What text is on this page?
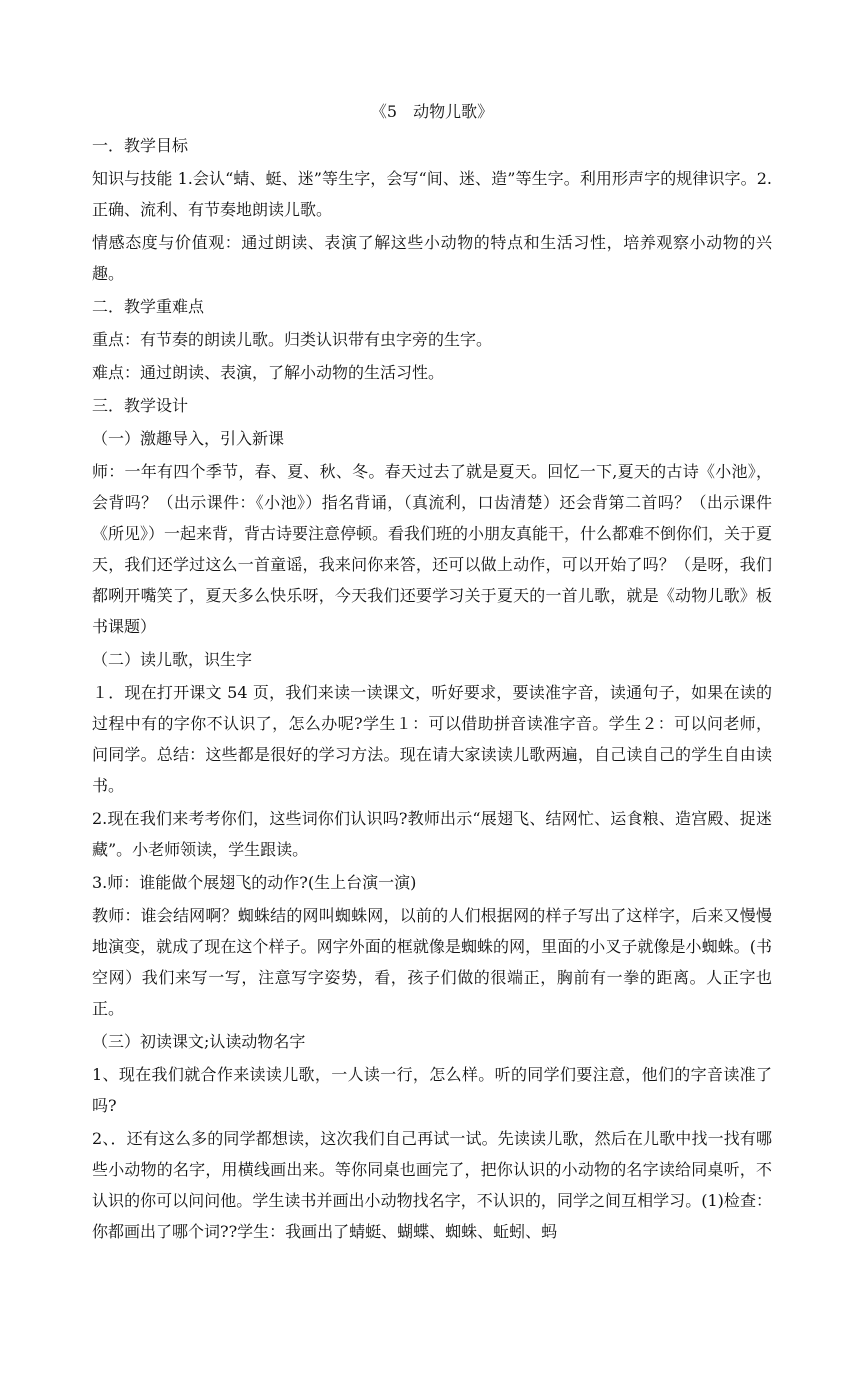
《5　动物儿歌》
一．教学目标
知识与技能 1.会认“蜻、蜓、迷”等生字，会写“间、迷、造”等生字。利用形声字的规律识字。2.正确、流利、有节奏地朗读儿歌。
情感态度与价值观：通过朗读、表演了解这些小动物的特点和生活习性，培养观察小动物的兴趣。
二．教学重难点
重点：有节奏的朗读儿歌。归类认识带有虫字旁的生字。
难点：通过朗读、表演，了解小动物的生活习性。
三．教学设计
（一）激趣导入，引入新课
师：一年有四个季节，春、夏、秋、冬。春天过去了就是夏天。回忆一下,夏天的古诗《小池》，会背吗？（出示课件：《小池》）指名背诵，（真流利，口齿清楚）还会背第二首吗？（出示课件《所见》）一起来背，背古诗要注意停顿。看我们班的小朋友真能干，什么都难不倒你们，关于夏天，我们还学过这么一首童谣，我来问你来答，还可以做上动作，可以开始了吗？（是呀，我们都咧开嘴笑了，夏天多么快乐呀，今天我们还要学习关于夏天的一首儿歌，就是《动物儿歌》板书课题）
（二）读儿歌，识生字
１．现在打开课文 54 页，我们来读一读课文，听好要求，要读准字音，读通句子，如果在读的过程中有的字你不认识了，怎么办呢?学生１：可以借助拼音读准字音。学生２：可以问老师，问同学。总结：这些都是很好的学习方法。现在请大家读读儿歌两遍，自己读自己的学生自由读书。
2.现在我们来考考你们，这些词你们认识吗?教师出示“展翅飞、结网忙、运食粮、造宫殿、捉迷藏”。小老师领读，学生跟读。
3.师：谁能做个展翅飞的动作?(生上台演一演)
教师：谁会结网啊？蜘蛛结的网叫蜘蛛网，以前的人们根据网的样子写出了这样字，后来又慢慢地演变，就成了现在这个样子。网字外面的框就像是蜘蛛的网，里面的小叉子就像是小蜘蛛。(书空网）我们来写一写，注意写字姿势，看，孩子们做的很端正，胸前有一拳的距离。人正字也正。
（三）初读课文;认读动物名字
1、现在我们就合作来读读儿歌，一人读一行，怎么样。听的同学们要注意，他们的字音读准了吗?
2、．还有这么多的同学都想读，这次我们自己再试一试。先读读儿歌，然后在儿歌中找一找有哪些小动物的名字，用横线画出来。等你同桌也画完了，把你认识的小动物的名字读给同桌听，不认识的你可以问问他。学生读书并画出小动物找名字，不认识的，同学之间互相学习。(1)检查：你都画出了哪个词??学生：我画出了蜻蜓、蝴蝶、蜘蛛、蚯蚓、蚂
